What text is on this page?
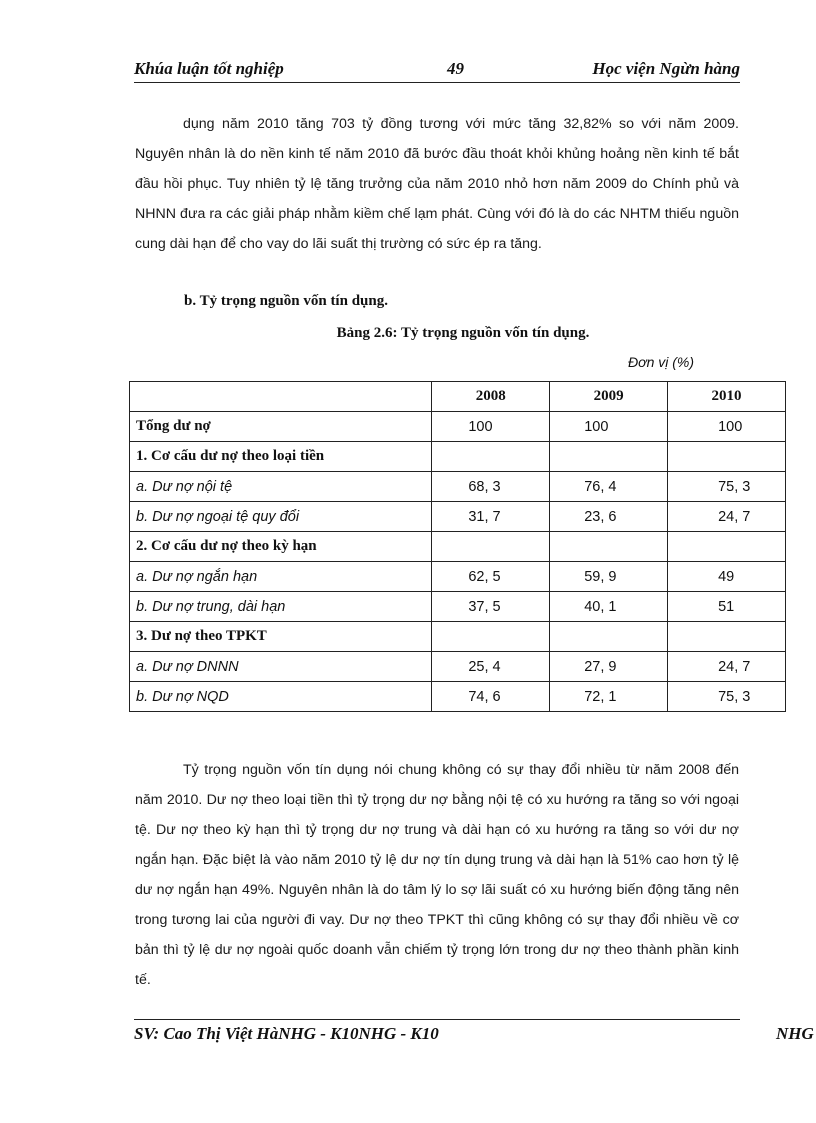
Khúa luận tốt nghiệp	49	Học viện Ngừn hàng
dụng năm 2010 tăng 703 tỷ đồng tương với mức tăng 32,82% so với năm 2009. Nguyên nhân là do nền kinh tế năm 2010 đã bước đầu thoát khỏi khủng hoảng nền kinh tế bắt đầu hồi phục. Tuy nhiên tỷ lệ tăng trưởng của năm 2010 nhỏ hơn năm 2009 do Chính phủ và NHNN đưa ra các giải pháp nhằm kiềm chế lạm phát. Cùng với đó là do các NHTM thiếu nguồn cung dài hạn để cho vay do lãi suất thị trường có sức ép ra tăng.
b. Tỷ trọng nguồn vốn tín dụng.
Bảng 2.6: Tỷ trọng nguồn vốn tín dụng.
Đơn vị (%)
	2008	2009	2010
Tổng dư nợ	100	100	100
1. Cơ cấu dư nợ theo loại tiền			
a. Dư nợ nội tệ	68, 3	76, 4	75, 3
b. Dư nợ ngoại tệ quy đổi	31, 7	23, 6	24, 7
2. Cơ cấu dư nợ theo kỳ hạn			
a. Dư nợ ngắn hạn	62, 5	59, 9	49
b. Dư nợ trung, dài hạn	37, 5	40, 1	51
3. Dư nợ theo TPKT			
a. Dư nợ DNNN	25, 4	27, 9	24, 7
b. Dư nợ NQD	74, 6	72, 1	75, 3
Tỷ trọng nguồn vốn tín dụng nói chung không có sự thay đổi nhiều từ năm 2008 đến năm 2010. Dư nợ theo loại tiền thì tỷ trọng dư nợ bằng nội tệ có xu hướng ra tăng so với ngoại tệ. Dư nợ theo kỳ hạn thì tỷ trọng dư nợ trung và dài hạn có xu hướng ra tăng so với dư nợ ngắn hạn. Đặc biệt là vào năm 2010 tỷ lệ dư nợ tín dụng trung và dài hạn là 51% cao hơn tỷ lệ dư nợ ngắn hạn 49%. Nguyên nhân là do tâm lý lo sợ lãi suất có xu hướng biến động tăng nên trong tương lai của người đi vay. Dư nợ theo TPKT thì cũng không có sự thay đổi nhiều về cơ bản thì tỷ lệ dư nợ ngoài quốc doanh vẫn chiếm tỷ trọng lớn trong dư nợ theo thành phần kinh tế.
SV: Cao Thị Việt HàNHG - K10NHG - K10	NHG
